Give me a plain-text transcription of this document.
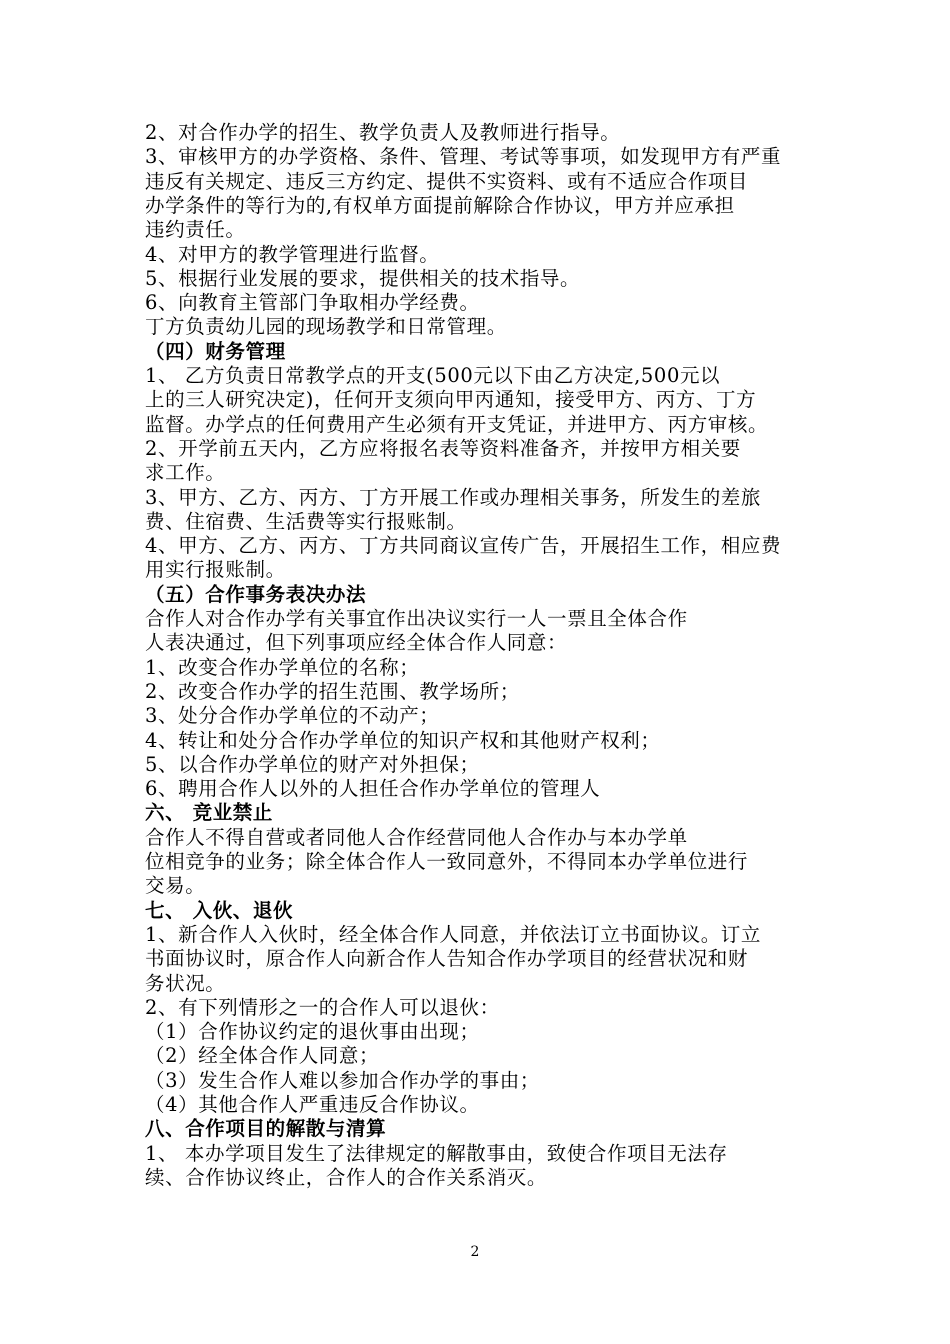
2、对合作办学的招生、教学负责人及教师进行指导。
3、审核甲方的办学资格、条件、管理、考试等事项，如发现甲方有严重
违反有关规定、违反三方约定、提供不实资料、或有不适应合作项目
办学条件的等行为的,有权单方面提前解除合作协议，甲方并应承担
违约责任。
4、对甲方的教学管理进行监督。
5、根据行业发展的要求，提供相关的技术指导。
6、向教育主管部门争取相办学经费。
丁方负责幼儿园的现场教学和日常管理。
（四）财务管理
1、 乙方负责日常教学点的开支(500元以下由乙方决定,500元以
上的三人研究决定)，任何开支须向甲丙通知，接受甲方、丙方、丁方
监督。办学点的任何费用产生必须有开支凭证，并进甲方、丙方审核。
2、开学前五天内，乙方应将报名表等资料准备齐，并按甲方相关要
求工作。
3、甲方、乙方、丙方、丁方开展工作或办理相关事务，所发生的差旅
费、住宿费、生活费等实行报账制。
4、甲方、乙方、丙方、丁方共同商议宣传广告，开展招生工作，相应费
用实行报账制。
（五）合作事务表决办法
合作人对合作办学有关事宜作出决议实行一人一票且全体合作
人表决通过，但下列事项应经全体合作人同意：
1、改变合作办学单位的名称；
2、改变合作办学的招生范围、教学场所；
3、处分合作办学单位的不动产；
4、转让和处分合作办学单位的知识产权和其他财产权利；
5、以合作办学单位的财产对外担保；
6、聘用合作人以外的人担任合作办学单位的管理人
六、 竞业禁止
合作人不得自营或者同他人合作经营同他人合作办与本办学单
位相竞争的业务；除全体合作人一致同意外，不得同本办学单位进行
交易。
七、 入伙、退伙
1、新合作人入伙时，经全体合作人同意，并依法订立书面协议。订立
书面协议时，原合作人向新合作人告知合作办学项目的经营状况和财
务状况。
2、有下列情形之一的合作人可以退伙：
（1）合作协议约定的退伙事由出现；
（2）经全体合作人同意；
（3）发生合作人难以参加合作办学的事由；
（4）其他合作人严重违反合作协议。
八、合作项目的解散与清算
1、 本办学项目发生了法律规定的解散事由，致使合作项目无法存
续、合作协议终止，合作人的合作关系消灭。
2
